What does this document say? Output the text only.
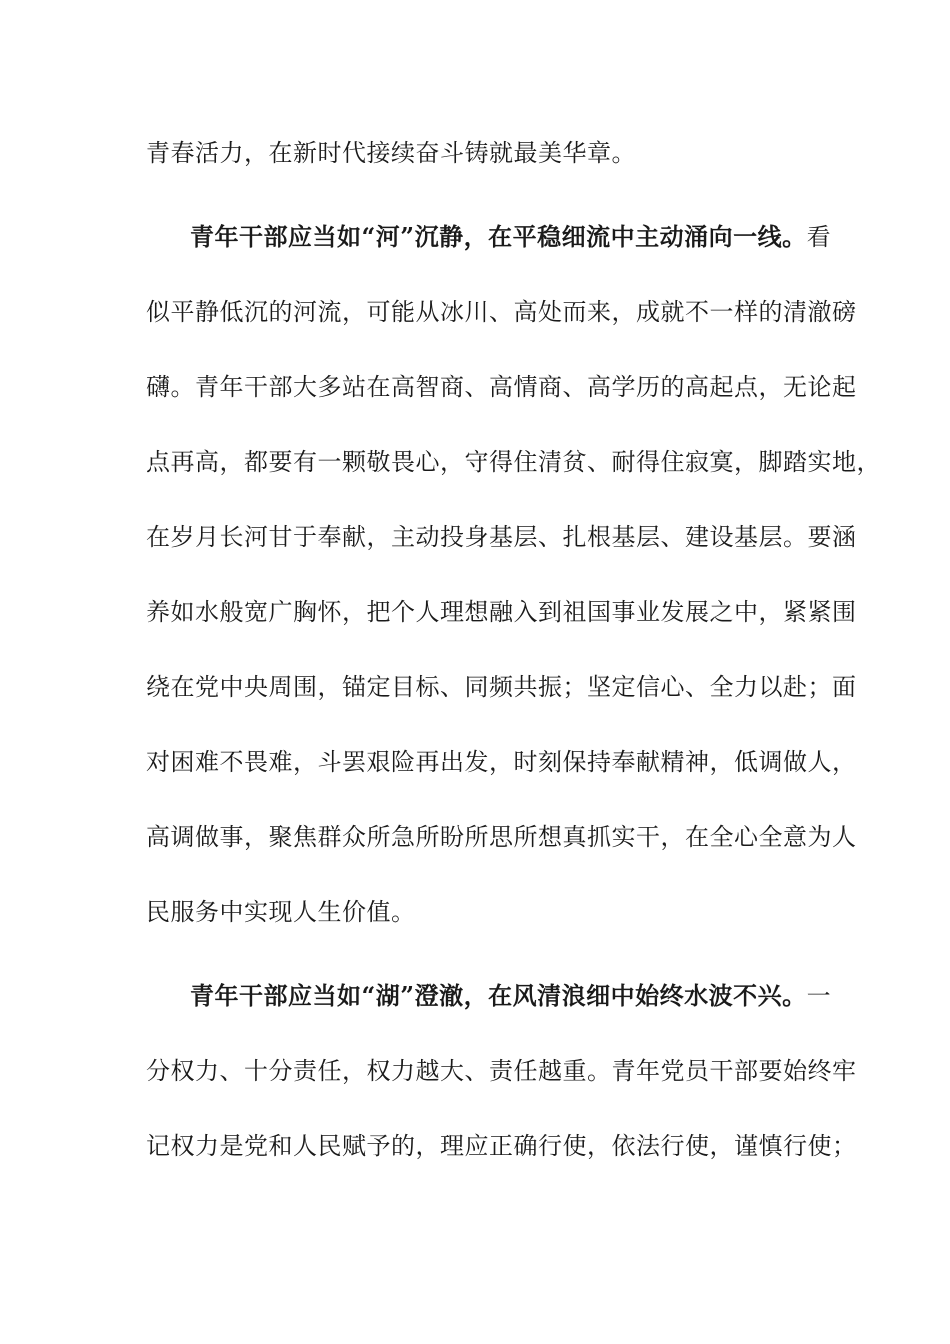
青春活力，在新时代接续奋斗铸就最美华章。
青年干部应当如“河”沉静，在平稳细流中主动涌向一线。看
似平静低沉的河流，可能从冰川、高处而来，成就不一样的清澈磅
礴。青年干部大多站在高智商、高情商、高学历的高起点，无论起
点再高，都要有一颗敬畏心，守得住清贫、耐得住寂寞，脚踏实地，
在岁月长河甘于奉献，主动投身基层、扎根基层、建设基层。要涵
养如水般宽广胸怀，把个人理想融入到祖国事业发展之中，紧紧围
绕在党中央周围，锚定目标、同频共振；坚定信心、全力以赴；面
对困难不畏难，斗罢艰险再出发，时刻保持奉献精神，低调做人，
高调做事，聚焦群众所急所盼所思所想真抓实干，在全心全意为人
民服务中实现人生价值。
青年干部应当如“湖”澄澈，在风清浪细中始终水波不兴。一
分权力、十分责任，权力越大、责任越重。青年党员干部要始终牢
记权力是党和人民赋予的，理应正确行使，依法行使，谨慎行使；
